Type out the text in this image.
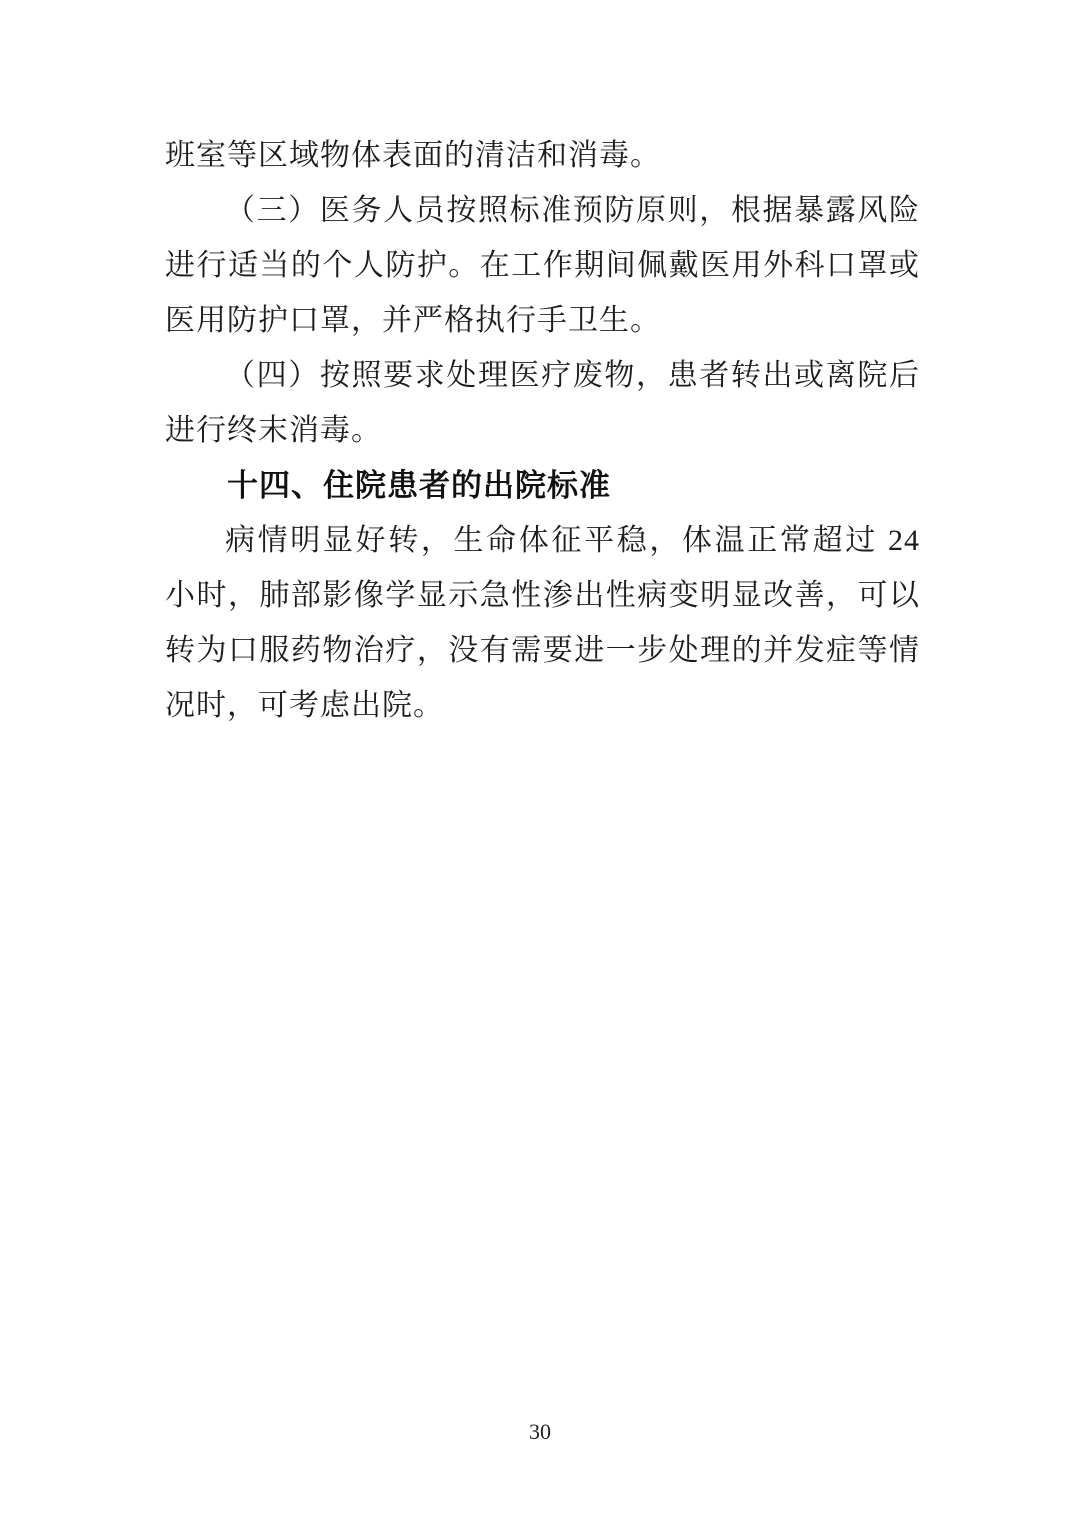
班室等区域物体表面的清洁和消毒。

（三）医务人员按照标准预防原则，根据暴露风险进行适当的个人防护。在工作期间佩戴医用外科口罩或医用防护口罩，并严格执行手卫生。

（四）按照要求处理医疗废物，患者转出或离院后进行终末消毒。

十四、住院患者的出院标准

病情明显好转，生命体征平稳，体温正常超过 24 小时，肺部影像学显示急性渗出性病变明显改善，可以转为口服药物治疗，没有需要进一步处理的并发症等情况时，可考虑出院。

30
